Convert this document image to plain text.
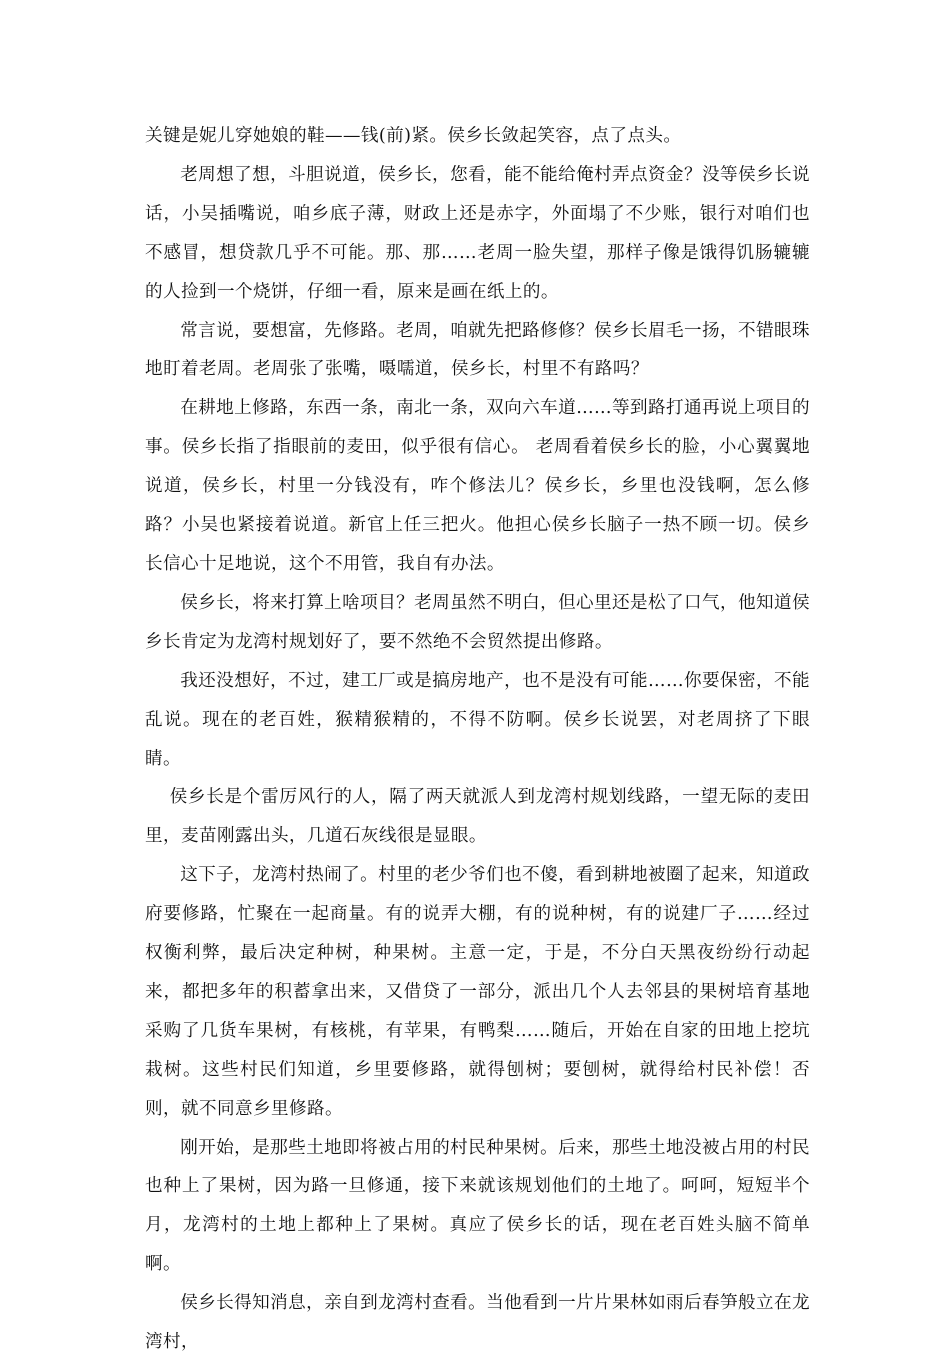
关键是妮儿穿她娘的鞋——钱(前)紧。侯乡长敛起笑容，点了点头。

老周想了想，斗胆说道，侯乡长，您看，能不能给俺村弄点资金？没等侯乡长说话，小吴插嘴说，咱乡底子薄，财政上还是赤字，外面塌了不少账，银行对咱们也不感冒，想贷款几乎不可能。那、那……老周一脸失望，那样子像是饿得饥肠辘辘的人捡到一个烧饼，仔细一看，原来是画在纸上的。

常言说，要想富，先修路。老周，咱就先把路修修？侯乡长眉毛一扬，不错眼珠地盯着老周。老周张了张嘴，嗫嚅道，侯乡长，村里不有路吗？

在耕地上修路，东西一条，南北一条，双向六车道……等到路打通再说上项目的事。侯乡长指了指眼前的麦田，似乎很有信心。 老周看着侯乡长的脸，小心翼翼地说道，侯乡长，村里一分钱没有，咋个修法儿？侯乡长，乡里也没钱啊，怎么修路？小吴也紧接着说道。新官上任三把火。他担心侯乡长脑子一热不顾一切。侯乡长信心十足地说，这个不用管，我自有办法。

侯乡长，将来打算上啥项目？老周虽然不明白，但心里还是松了口气，他知道侯乡长肯定为龙湾村规划好了，要不然绝不会贸然提出修路。

我还没想好，不过，建工厂或是搞房地产，也不是没有可能……你要保密，不能乱说。现在的老百姓，猴精猴精的，不得不防啊。侯乡长说罢，对老周挤了下眼睛。

侯乡长是个雷厉风行的人，隔了两天就派人到龙湾村规划线路，一望无际的麦田里，麦苗刚露出头，几道石灰线很是显眼。

这下子，龙湾村热闹了。村里的老少爷们也不傻，看到耕地被圈了起来，知道政府要修路，忙聚在一起商量。有的说弄大棚，有的说种树，有的说建厂子……经过权衡利弊，最后决定种树，种果树。主意一定，于是，不分白天黑夜纷纷行动起来，都把多年的积蓄拿出来，又借贷了一部分，派出几个人去邻县的果树培育基地采购了几货车果树，有核桃，有苹果，有鸭梨……随后，开始在自家的田地上挖坑栽树。这些村民们知道，乡里要修路，就得刨树；要刨树，就得给村民补偿！否则，就不同意乡里修路。

刚开始，是那些土地即将被占用的村民种果树。后来，那些土地没被占用的村民也种上了果树，因为路一旦修通，接下来就该规划他们的土地了。呵呵，短短半个月，龙湾村的土地上都种上了果树。真应了侯乡长的话，现在老百姓头脑不简单啊。

侯乡长得知消息，亲自到龙湾村查看。当他看到一片片果林如雨后春笋般立在龙湾村，
